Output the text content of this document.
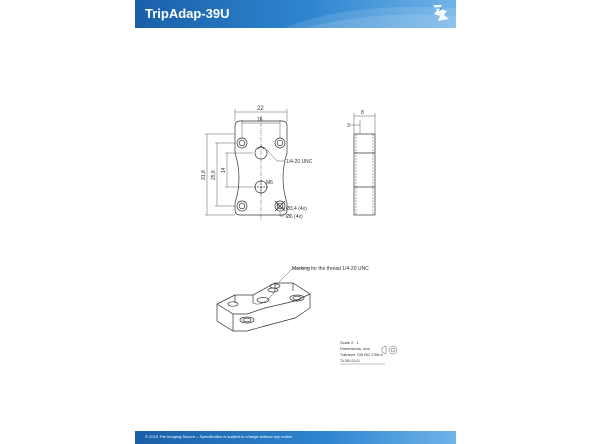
TripAdap-39U
22
16
31,8 25,8
14
1/4-20 UNC
M6
Ø3,4 (4x)
Ø6 (4x)
8
3
Marking for the thread 1/4-20 UNC
Scale 2 : 1
Dimensions: mm
Tolerance: DIN ISO 2768-m
TA-39U-01-01
© 2016 The Imaging Source – Specification is subject to change without any notice.
